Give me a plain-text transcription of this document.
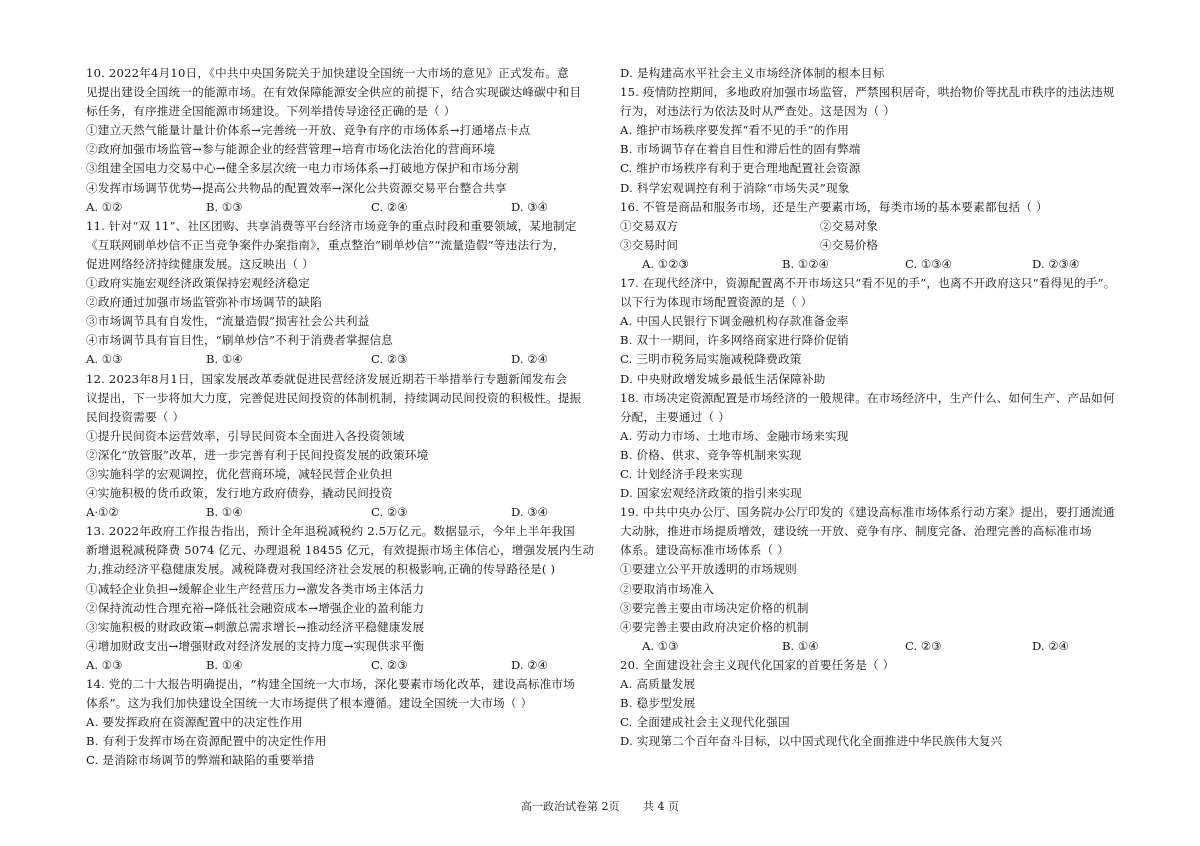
10. 2022年4月10日，《中共中央国务院关于加快建设全国统一大市场的意见》正式发布。意
见提出建设全国统一的能源市场。在有效保障能源安全供应的前提下，结合实现碳达峰碳中和目
标任务，有序推进全国能源市场建设。下列举措传导途径正确的是（ ）
①建立天然气能量计量计价体系→完善统一开放、竞争有序的市场体系→打通堵点卡点
②政府加强市场监管→参与能源企业的经营管理→培育市场化法治化的营商环境
③组建全国电力交易中心→健全多层次统一电力市场体系→打破地方保护和市场分割
④发挥市场调节优势→提高公共物品的配置效率→深化公共资源交易平台整合共享
A. ①②	B. ①③	C. ②④	D. ③④
11. 针对“双 11”、社区团购、共享消费等平台经济市场竞争的重点时段和重要领域，某地制定
《互联网刷单炒信不正当竞争案件办案指南》，重点整治“刷单炒信”“流量造假”等违法行为，
促进网络经济持续健康发展。这反映出（ ）
①政府实施宏观经济政策保持宏观经济稳定
②政府通过加强市场监管弥补市场调节的缺陷
③市场调节具有自发性，“流量造假”损害社会公共利益
④市场调节具有盲目性，“刷单炒信”不利于消费者掌握信息
A. ①③	B. ①④	C. ②③	D. ②④
12. 2023年8月1日，国家发展改革委就促进民营经济发展近期若干举措举行专题新闻发布会
议提出，下一步将加大力度，完善促进民间投资的体制机制，持续调动民间投资的积极性。提振
民间投资需要（ ）
①提升民间资本运营效率，引导民间资本全面进入各投资领域
②深化“放管服”改革，进一步完善有利于民间投资发展的政策环境
③实施科学的宏观调控，优化营商环境，减轻民营企业负担
④实施积极的货币政策，发行地方政府债券，撬动民间投资
A·①②	B. ①④	C. ②③	D. ③④
13. 2022年政府工作报告指出，预计全年退税减税约 2.5万亿元。数据显示，今年上半年我国
新增退税减税降费 5074 亿元、办理退税 18455 亿元，有效提振市场主体信心，增强发展内生动
力,推动经济平稳健康发展。减税降费对我国经济社会发展的积极影响,正确的传导路径是( )
①减轻企业负担→缓解企业生产经营压力→激发各类市场主体活力
②保持流动性合理充裕→降低社会融资成本→增强企业的盈利能力
③实施积极的财政政策→刺激总需求增长→推动经济平稳健康发展
④增加财政支出→增强财政对经济发展的支持力度→实现供求平衡
A. ①③	B. ①④	C. ②③	D. ②④
14. 党的二十大报告明确提出，“构建全国统一大市场，深化要素市场化改革，建设高标准市场
体系”。这为我们加快建设全国统一大市场提供了根本遵循。建设全国统一大市场（ ）
A. 要发挥政府在资源配置中的决定性作用
B. 有利于发挥市场在资源配置中的决定性作用
C. 是消除市场调节的弊端和缺陷的重要举措
D. 是构建高水平社会主义市场经济体制的根本目标
15. 疫情防控期间，多地政府加强市场监管，严禁囤积居奇，哄抬物价等扰乱市秩序的违法违规
行为，对违法行为依法及时从严查处。这是因为（ ）
A. 维护市场秩序要发挥“看不见的手”的作用
B. 市场调节存在着自目性和滞后性的固有弊端
C. 维护市场秩序有利于更合理地配置社会资源
D. 科学宏观调控有利于消除“市场失灵”现象
16. 不管是商品和服务市场，还是生产要素市场，每类市场的基本要素都包括（ ）
①交易双方	②交易对象
③交易时间	④交易价格
A. ①②③	B. ①②④	C. ①③④	D. ②③④
17. 在现代经济中，资源配置离不开市场这只“看不见的手”，也离不开政府这只“看得见的手”。
以下行为体现市场配置资源的是（ ）
A. 中国人民银行下调金融机构存款准备金率
B. 双十一期间，许多网络商家进行降价促销
C. 三明市税务局实施减税降费政策
D. 中央财政增发城乡最低生活保障补助
18. 市场决定资源配置是市场经济的一般规律。在市场经济中，生产什么、如何生产、产品如何
分配，主要通过（ ）
A. 劳动力市场、土地市场、金融市场来实现
B. 价格、供求、竞争等机制来实现
C. 计划经济手段来实现
D. 国家宏观经济政策的指引来实现
19. 中共中央办公厅、国务院办公厅印发的《建设高标准市场体系行动方案》提出，要打通流通
大动脉，推进市场提质增效，建设统一开放、竞争有序、制度完备、治理完善的高标准市场
体系。建设高标准市场体系（ ）
①要建立公平开放透明的市场规则
②要取消市场准入
③要完善主要由市场决定价格的机制
④要完善主要由政府决定价格的机制
A. ①③	B. ①④	C. ②③	D. ②④
20. 全面建设社会主义现代化国家的首要任务是（ ）
A. 高质量发展
B. 稳步型发展
C. 全面建成社会主义现代化强国
D. 实现第二个百年奋斗目标，以中国式现代化全面推进中华民族伟大复兴
高一政治试卷第 2页 共 4 页
